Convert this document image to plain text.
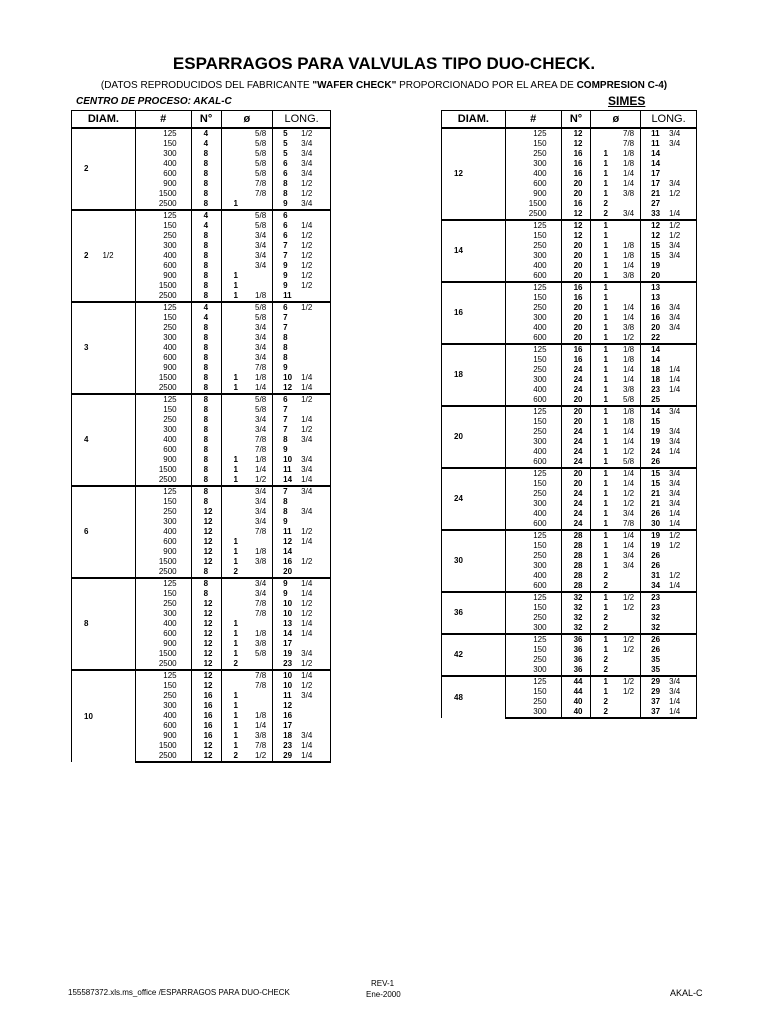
ESPARRAGOS PARA VALVULAS TIPO DUO-CHECK.
(DATOS REPRODUCIDOS DEL FABRICANTE "WAFER CHECK" PROPORCIONADO POR EL AREA DE COMPRESION C-4)
CENTRO DE PROCESO: AKAL-C	SIMES
DIAM.	#	N°	ø	LONG.
2	125	4	5/8	5 1/2

	150	4	5/8	5 3/4

	300	8	5/8	5 3/4

	400	8	5/8	6 3/4

	600	8	5/8	6 3/4

	900	8	7/8	8 1/2

	1500	8	7/8	8 1/2

	2500	8	1	9 3/4

2 1/2	125	4	5/8	6

	150	4	5/8	6 1/4

	250	8	3/4	6 1/2

	300	8	3/4	7 1/2

	400	8	3/4	7 1/2

	600	8	3/4	9 1/2

	900	8	1	9 1/2

	1500	8	1	9 1/2

	2500	8	1 1/8	11

3	125	4	5/8	6 1/2

	150	4	5/8	7

	250	8	3/4	7

	300	8	3/4	8

	400	8	3/4	8

	600	8	3/4	8

	900	8	7/8	9

	1500	8	1 1/8	10 1/4

	2500	8	1 1/4	12 1/4

4	125	8	5/8	6 1/2

	150	8	5/8	7

	250	8	3/4	7 1/4

	300	8	3/4	7 1/2

	400	8	7/8	8 3/4

	600	8	7/8	9

	900	8	1 1/8	10 3/4

	1500	8	1 1/4	11 3/4

	2500	8	1 1/2	14 1/4

6	125	8	3/4	7 3/4

	150	8	3/4	8

	250	12	3/4	8 3/4

	300	12	3/4	9

	400	12	7/8	11 1/2

	600	12	1	12 1/4

	900	12	1 1/8	14

	1500	12	1 3/8	16 1/2

	2500	8	2	20

8	125	8	3/4	9 1/4

	150	8	3/4	9 1/4

	250	12	7/8	10 1/2

	300	12	7/8	10 1/2

	400	12	1	13 1/4

	600	12	1 1/8	14 1/4

	900	12	1 3/8	17

	1500	12	1 5/8	19 3/4

	2500	12	2	23 1/2

10	125	12	7/8	10 1/4

	150	12	7/8	10 1/2

	250	16	1	11 3/4

	300	16	1	12

	400	16	1 1/8	16

	600	16	1 1/4	17

	900	16	1 3/8	18 3/4

	1500	12	1 7/8	23 1/4

	2500	12	2 1/2	29 1/4
DIAM.	#	N°	ø	LONG.
12	125	12	7/8	11 3/4

	150	12	7/8	11 3/4

	250	16	1 1/8	14

	300	16	1 1/8	14

	400	16	1 1/4	17

	600	20	1 1/4	17 3/4

	900	20	1 3/8	21 1/2

	1500	16	2	27

	2500	12	2 3/4	33 1/4

14	125	12	1	12 1/2

	150	12	1	12 1/2

	250	20	1 1/8	15 3/4

	300	20	1 1/8	15 3/4

	400	20	1 1/4	19

	600	20	1 3/8	20

16	125	16	1	13

	150	16	1	13

	250	20	1 1/4	16 3/4

	300	20	1 1/4	16 3/4

	400	20	1 3/8	20 3/4

	600	20	1 1/2	22

18	125	16	1 1/8	14

	150	16	1 1/8	14

	250	24	1 1/4	18 1/4

	300	24	1 1/4	18 1/4

	400	24	1 3/8	23 1/4

	600	20	1 5/8	25

20	125	20	1 1/8	14 3/4

	150	20	1 1/8	15

	250	24	1 1/4	19 3/4

	300	24	1 1/4	19 3/4

	400	24	1 1/2	24 1/4

	600	24	1 5/8	26

24	125	20	1 1/4	15 3/4

	150	20	1 1/4	15 3/4

	250	24	1 1/2	21 3/4

	300	24	1 1/2	21 3/4

	400	24	1 3/4	26 1/4

	600	24	1 7/8	30 1/4

30	125	28	1 1/4	19 1/2

	150	28	1 1/4	19 1/2

	250	28	1 3/4	26

	300	28	1 3/4	26

	400	28	2	31 1/2

	600	28	2	34 1/4

36	125	32	1 1/2	23

	150	32	1 1/2	23

	250	32	2	32

	300	32	2	32

42	125	36	1 1/2	26

	150	36	1 1/2	26

	250	36	2	35

	300	36	2	35

48	125	44	1 1/2	29 3/4

	150	44	1 1/2	29 3/4

	250	40	2	37 1/4

	300	40	2	37 1/4
155587372.xls.ms_office /ESPARRAGOS PARA DUO-CHECK
REV-1
Ene-2000	AKAL-C
